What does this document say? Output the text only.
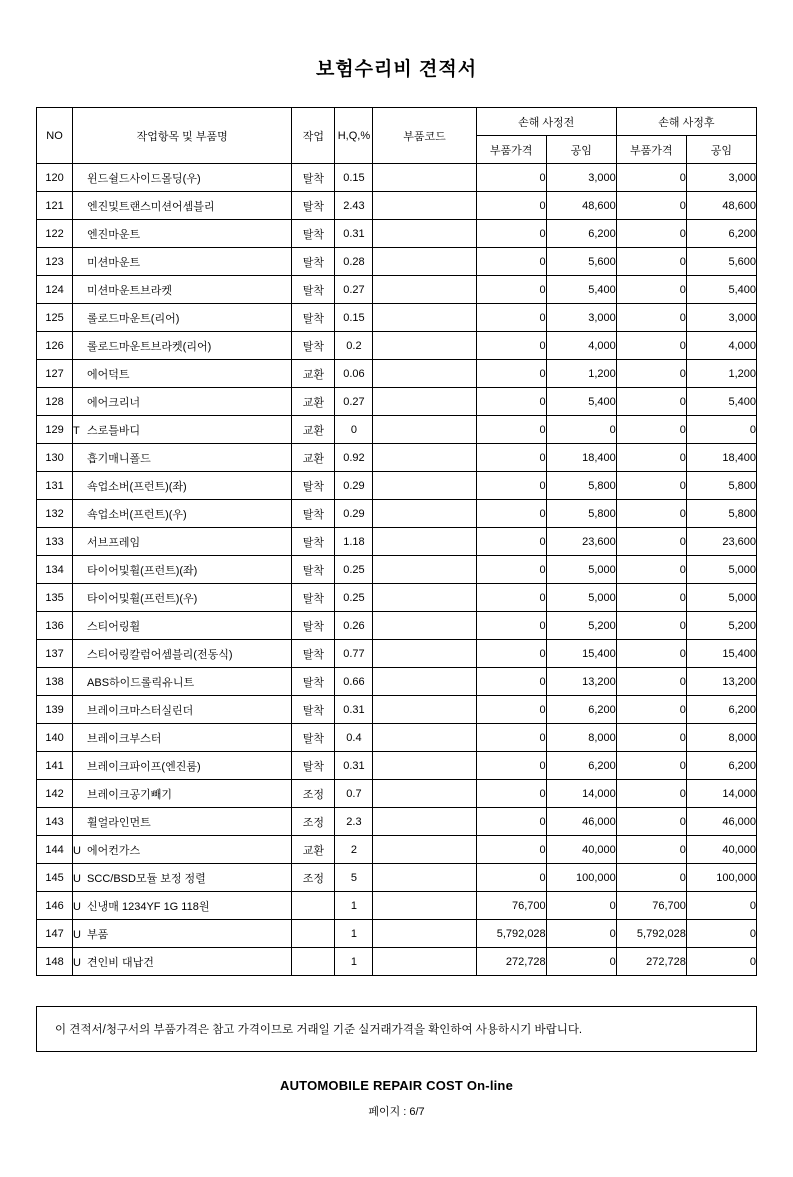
보험수리비 견적서
NO	작업항목 및 부품명	작업	H,Q,%	부품코드	손해 사정전		손해 사정후	
					부품가격	공임	부품가격	공임
120	윈드쉴드사이드몰딩(우)	탈착	0.15		0	3,000	0	3,000
121	엔진및트랜스미션어셈블리	탈착	2.43		0	48,600	0	48,600
122	엔진마운트	탈착	0.31		0	6,200	0	6,200
123	미션마운트	탈착	0.28		0	5,600	0	5,600
124	미션마운트브라켓	탈착	0.27		0	5,400	0	5,400
125	롤로드마운트(리어)	탈착	0.15		0	3,000	0	3,000
126	롤로드마운트브라켓(리어)	탈착	0.2		0	4,000	0	4,000
127	에어덕트	교환	0.06		0	1,200	0	1,200
128	에어크리너	교환	0.27		0	5,400	0	5,400
129	T 스로틀바디	교환	0		0	0	0	0
130	흡기매니폴드	교환	0.92		0	18,400	0	18,400
131	쇽업소버(프런트)(좌)	탈착	0.29		0	5,800	0	5,800
132	쇽업소버(프런트)(우)	탈착	0.29		0	5,800	0	5,800
133	서브프레임	탈착	1.18		0	23,600	0	23,600
134	타이어및휠(프런트)(좌)	탈착	0.25		0	5,000	0	5,000
135	타이어및휠(프런트)(우)	탈착	0.25		0	5,000	0	5,000
136	스티어링휠	탈착	0.26		0	5,200	0	5,200
137	스티어링칼럼어셈블리(전동식)	탈착	0.77		0	15,400	0	15,400
138	ABS하이드롤릭유니트	탈착	0.66		0	13,200	0	13,200
139	브레이크마스터실린더	탈착	0.31		0	6,200	0	6,200
140	브레이크부스터	탈착	0.4		0	8,000	0	8,000
141	브레이크파이프(엔진룸)	탈착	0.31		0	6,200	0	6,200
142	브레이크공기빼기	조정	0.7		0	14,000	0	14,000
143	휠얼라인먼트	조정	2.3		0	46,000	0	46,000
144	U 에어컨가스	교환	2		0	40,000	0	40,000
145	U SCC/BSD모듈 보정 정렬	조정	5		0	100,000	0	100,000
146	U 신냉매 1234YF 1G 118원		1		76,700	0	76,700	0
147	U 부품		1		5,792,028	0	5,792,028	0
148	U 견인비 대납건		1		272,728	0	272,728	0
이 견적서/청구서의 부품가격은 참고 가격이므로 거래일 기준 실거래가격을 확인하여 사용하시기 바랍니다.
AUTOMOBILE REPAIR COST On-line
페이지 : 6/7
